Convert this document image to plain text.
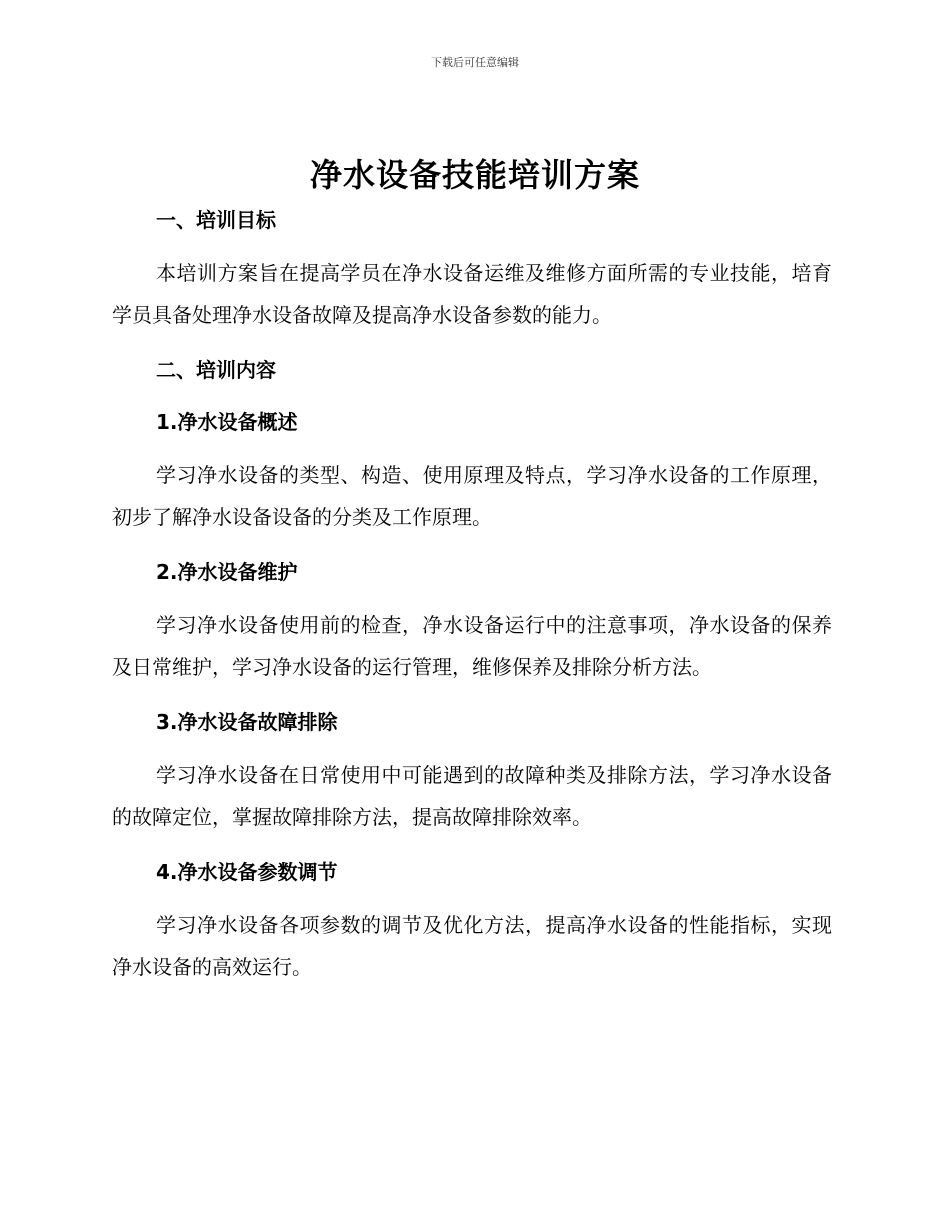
下载后可任意编辑
净水设备技能培训方案
一、培训目标

本培训方案旨在提高学员在净水设备运维及维修方面所需的专业技能，培育学员具备处理净水设备故障及提高净水设备参数的能力。

二、培训内容
1.净水设备概述

学习净水设备的类型、构造、使用原理及特点，学习净水设备的工作原理，初步了解净水设备设备的分类及工作原理。

2.净水设备维护

学习净水设备使用前的检查，净水设备运行中的注意事项，净水设备的保养及日常维护，学习净水设备的运行管理，维修保养及排除分析方法。

3.净水设备故障排除

学习净水设备在日常使用中可能遇到的故障种类及排除方法，学习净水设备的故障定位，掌握故障排除方法，提高故障排除效率。

4.净水设备参数调节

学习净水设备各项参数的调节及优化方法，提高净水设备的性能指标，实现净水设备的高效运行。
